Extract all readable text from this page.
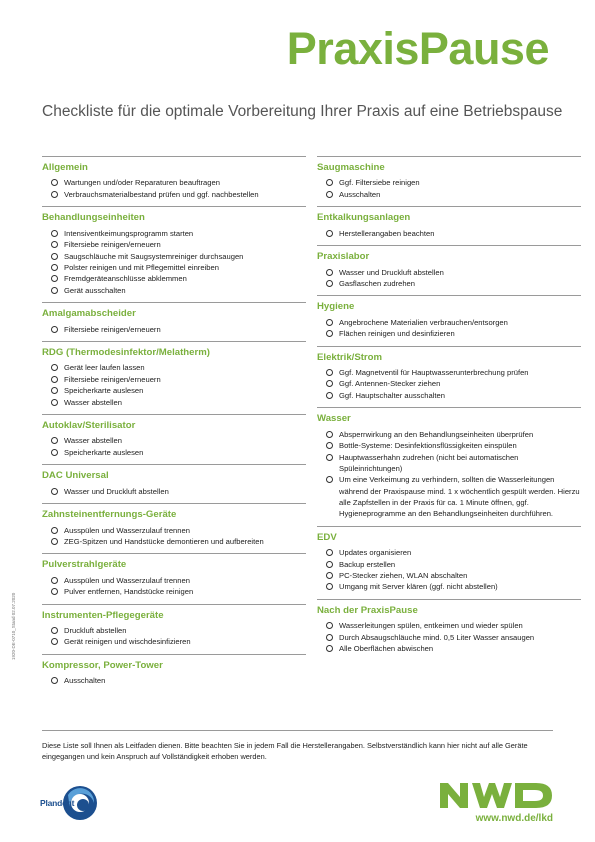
PraxisPause
Checkliste für die optimale Vorbereitung Ihrer Praxis auf eine Betriebspause
Allgemein
Wartungen und/oder Reparaturen beauftragen
Verbrauchsmaterialbestand prüfen und ggf. nachbestellen
Behandlungseinheiten
Intensiventkeimungsprogramm starten
Filtersiebe reinigen/erneuern
Saugschläuche mit Saugsystemreiniger durchsaugen
Polster reinigen und mit Pflegemittel einreiben
Fremdgeräteanschlüsse abklemmen
Gerät ausschalten
Amalgamabscheider
Filtersiebe reinigen/erneuern
RDG (Thermodesinfektor/Melatherm)
Gerät leer laufen lassen
Filtersiebe reinigen/erneuern
Speicherkarte auslesen
Wasser abstellen
Autoklav/Sterilisator
Wasser abstellen
Speicherkarte auslesen
DAC Universal
Wasser und Druckluft abstellen
Zahnsteinentfernungs-Geräte
Ausspülen und Wasserzulauf trennen
ZEG-Spitzen und Handstücke demontieren und aufbereiten
Pulverstrahlgeräte
Ausspülen und Wasserzulauf trennen
Pulver entfernen, Handstücke reinigen
Instrumenten-Pflegegeräte
Druckluft abstellen
Gerät reinigen und wischdesinfizieren
Kompressor, Power-Tower
Ausschalten
Saugmaschine
Ggf. Filtersiebe reinigen
Ausschalten
Entkalkungsanlagen
Herstellerangaben beachten
Praxislabor
Wasser und Druckluft abstellen
Gasflaschen zudrehen
Hygiene
Angebrochene Materialien verbrauchen/entsorgen
Flächen reinigen und desinfizieren
Elektrik/Strom
Ggf. Magnetventil für Hauptwasserunterbrechung prüfen
Ggf. Antennen-Stecker ziehen
Ggf. Hauptschalter ausschalten
Wasser
Absperrwirkung an den Behandlungseinheiten überprüfen
Bottle-Systeme: Desinfektionsflüssigkeiten einspülen
Hauptwasserhahn zudrehen (nicht bei automatischen Spüleinrichtungen)
Um eine Verkeimung zu verhindern, sollten die Wasserleitungen während der Praxispause mind. 1 x wöchentlich gespült werden. Hierzu alle Zapfstellen in der Praxis für ca. 1 Minute öffnen, ggf. Hygieneprogramme an den Behandlungseinheiten durchführen.
EDV
Updates organisieren
Backup erstellen
PC-Stecker ziehen, WLAN abschalten
Umgang mit Server klären (ggf. nicht abstellen)
Nach der PraxisPause
Wasserleitungen spülen, entkeimen und wieder spülen
Durch Absaugschläuche mind. 0,5 Liter Wasser ansaugen
Alle Oberflächen abwischen
Diese Liste soll Ihnen als Leitfaden dienen. Bitte beachten Sie in jedem Fall die Herstellerangaben. Selbstverständlich kann hier nicht auf alle Geräte eingegangen und kein Anspruch auf Vollständigkeit erhoben werden.
1920-DE-0710_Stand 02.07.2020
Plandent
www.nwd.de/lkd
